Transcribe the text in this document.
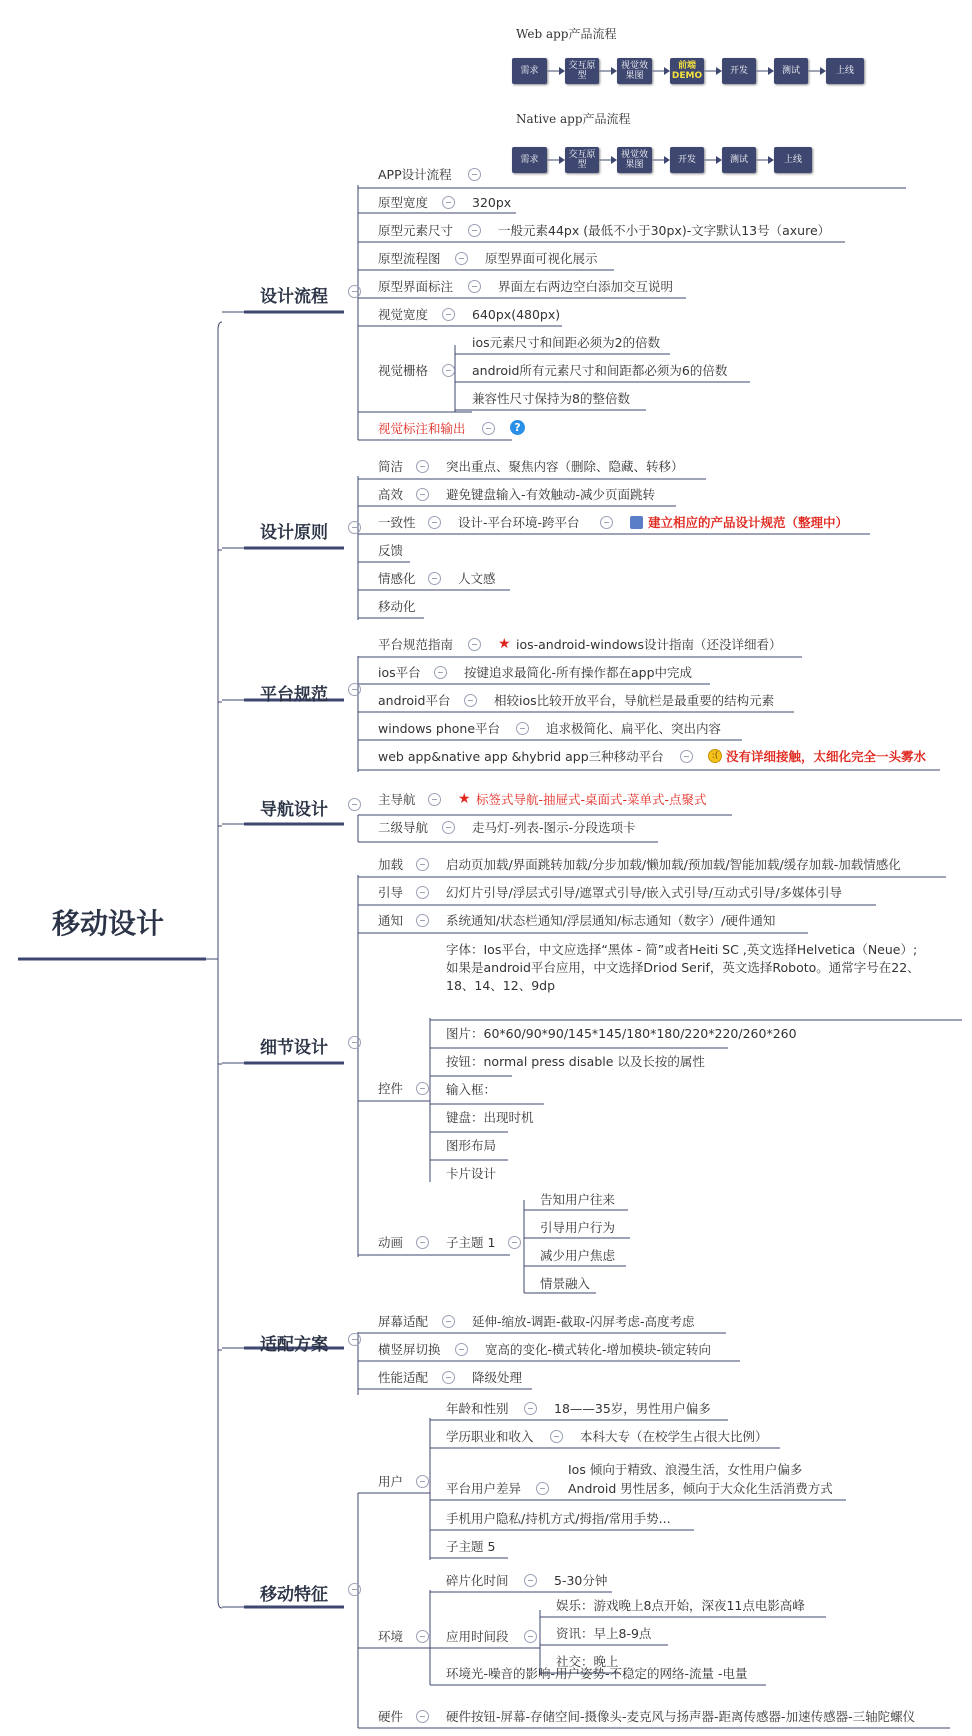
Web app产品流程
需求	交互原型
视觉效果图
前端DEMO	开发	测试	上线
Native app产品流程
需求	交互原型
视觉效果图	开发	测试	上线
移动设计
设计流程
设计原则
平台规范
导航设计
细节设计
适配方案
移动特征
APP设计流程
原型宽度	320px
原型元素尺寸	一般元素44px (最低不小于30px)-文字默认13号（axure）
原型流程图	原型界面可视化展示
原型界面标注	界面左右两边空白添加交互说明
视觉宽度	640px(480px)
视觉栅格
ios元素尺寸和间距必须为2的倍数
android所有元素尺寸和间距都必须为6的倍数
兼容性尺寸保持为8的整倍数
视觉标注和输出	?
简洁	突出重点、聚焦内容（删除、隐藏、转移）
高效	避免键盘输入-有效触动-减少页面跳转
一致性	设计-平台环境-跨平台	建立相应的产品设计规范（整理中）
反馈
情感化	人文感
移动化
平台规范指南	★ ios-android-windows设计指南（还没详细看）
ios平台	按键追求最简化-所有操作都在app中完成
android平台	相较ios比较开放平台，导航栏是最重要的结构元素
windows phone平台	追求极简化、扁平化、突出内容
web app&native app &hybrid app三种移动平台	:( 没有详细接触，太细化完全一头雾水
主导航	★ 标签式导航-抽屉式-桌面式-菜单式-点聚式
二级导航	走马灯-列表-图示-分段选项卡
加载	启动页加载/界面跳转加载/分步加载/懒加载/预加载/智能加载/缓存加载-加载情感化
引导	幻灯片引导/浮层式引导/遮罩式引导/嵌入式引导/互动式引导/多媒体引导
通知	系统通知/状态栏通知/浮层通知/标志通知（数字）/硬件通知
字体：Ios平台，中文应选择“黑体 - 简”或者Heiti SC ,英文选择Helvetica（Neue）;
如果是android平台应用，中文选择Driod Serif，英文选择Roboto。通常字号在22、
18、14、12、9dp
控件
图片：60*60/90*90/145*145/180*180/220*220/260*260
按钮：normal press disable 以及长按的属性
输入框：
键盘：出现时机
图形布局
卡片设计
动画	子主题 1
告知用户往来
引导用户行为
减少用户焦虑
情景融入
屏幕适配	延伸-缩放-调距-截取-闪屏考虑-高度考虑
横竖屏切换	宽高的变化-横式转化-增加模块-锁定转向
性能适配	降级处理
用户
年龄和性别	18——35岁，男性用户偏多
学历职业和收入	本科大专（在校学生占很大比例）
平台用户差异
Ios 倾向于精致、浪漫生活，女性用户偏多
Android 男性居多，倾向于大众化生活消费方式
手机用户隐私/持机方式/拇指/常用手势...
子主题 5
环境
碎片化时间	5-30分钟
应用时间段
娱乐：游戏晚上8点开始，深夜11点电影高峰
资讯：早上8-9点
社交：晚上
环境光-噪音的影响-用户姿势-不稳定的网络-流量 -电量
硬件	硬件按钮-屏幕-存储空间-摄像头-麦克风与扬声器-距离传感器-加速传感器-三轴陀螺仪
